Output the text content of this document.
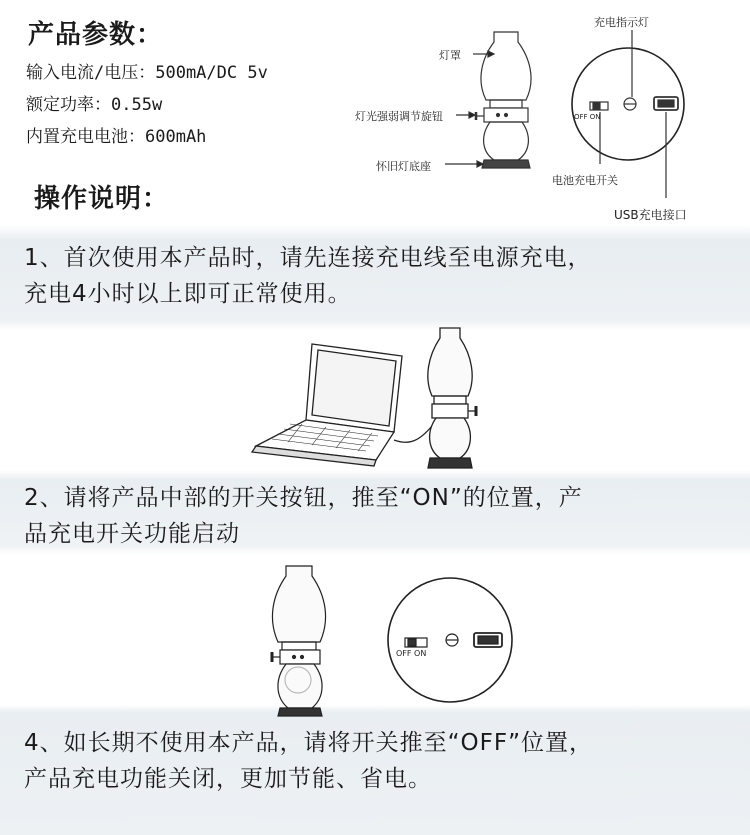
产品参数：
输入电流/电压：500mA/DC 5v
额定功率：0.55w
内置充电电池：600mAh
灯罩
灯光强弱调节旋钮
怀旧灯底座
充电指示灯
OFF ON
电池充电开关
USB充电接口
操作说明：
1、首次使用本产品时，请先连接充电线至电源充电，
充电4小时以上即可正常使用。
2、请将产品中部的开关按钮，推至“ON”的位置，产
品充电开关功能启动
OFF ON
4、如长期不使用本产品，请将开关推至“OFF”位置，
产品充电功能关闭，更加节能、省电。
